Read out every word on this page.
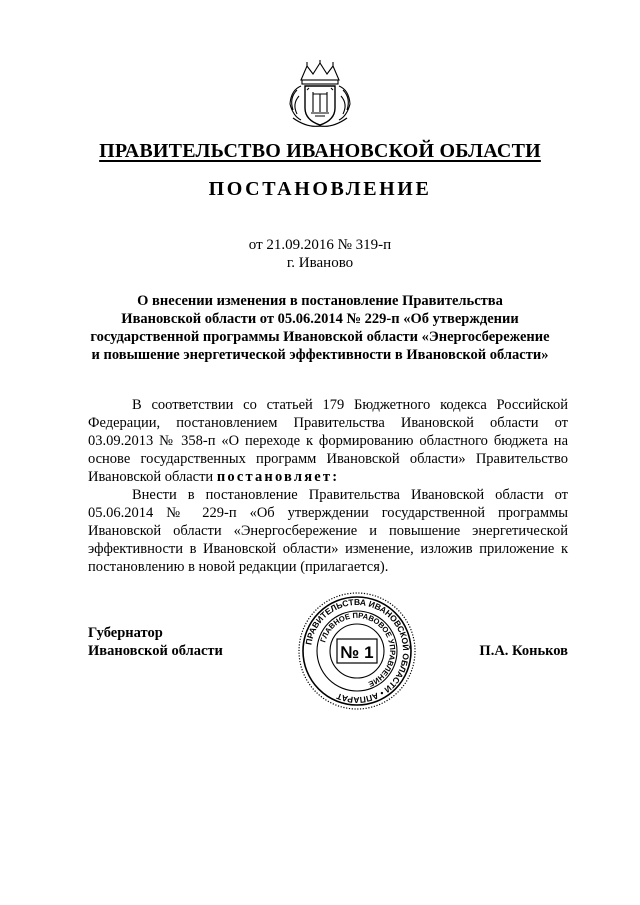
ПРАВИТЕЛЬСТВО ИВАНОВСКОЙ ОБЛАСТИ
ПОСТАНОВЛЕНИЕ
от 21.09.2016 № 319-п
г. Иваново
О внесении изменения в постановление Правительства
Ивановской области от 05.06.2014 № 229-п «Об утверждении
государственной программы Ивановской области «Энергосбережение
и повышение энергетической эффективности в Ивановской области»

В соответствии со статьей 179 Бюджетного кодекса Российской Федерации, постановлением Правительства Ивановской области от 03.09.2013 № 358-п «О переходе к формированию областного бюджета на основе государственных программ Ивановской области» Правительство Ивановской области постановляет:

Внести в постановление Правительства Ивановской области от 05.06.2014 № 229-п «Об утверждении государственной программы Ивановской области «Энергосбережение и повышение энергетической эффективности в Ивановской области» изменение, изложив приложение к постановлению в новой редакции (прилагается).

Губернатор
Ивановской области	П.А. Коньков
ПРАВИТЕЛЬСТВА ИВАНОВСКОЙ ОБЛАСТИ • АППАРАТ
ГЛАВНОЕ ПРАВОВОЕ УПРАВЛЕНИЕ
№ 1
